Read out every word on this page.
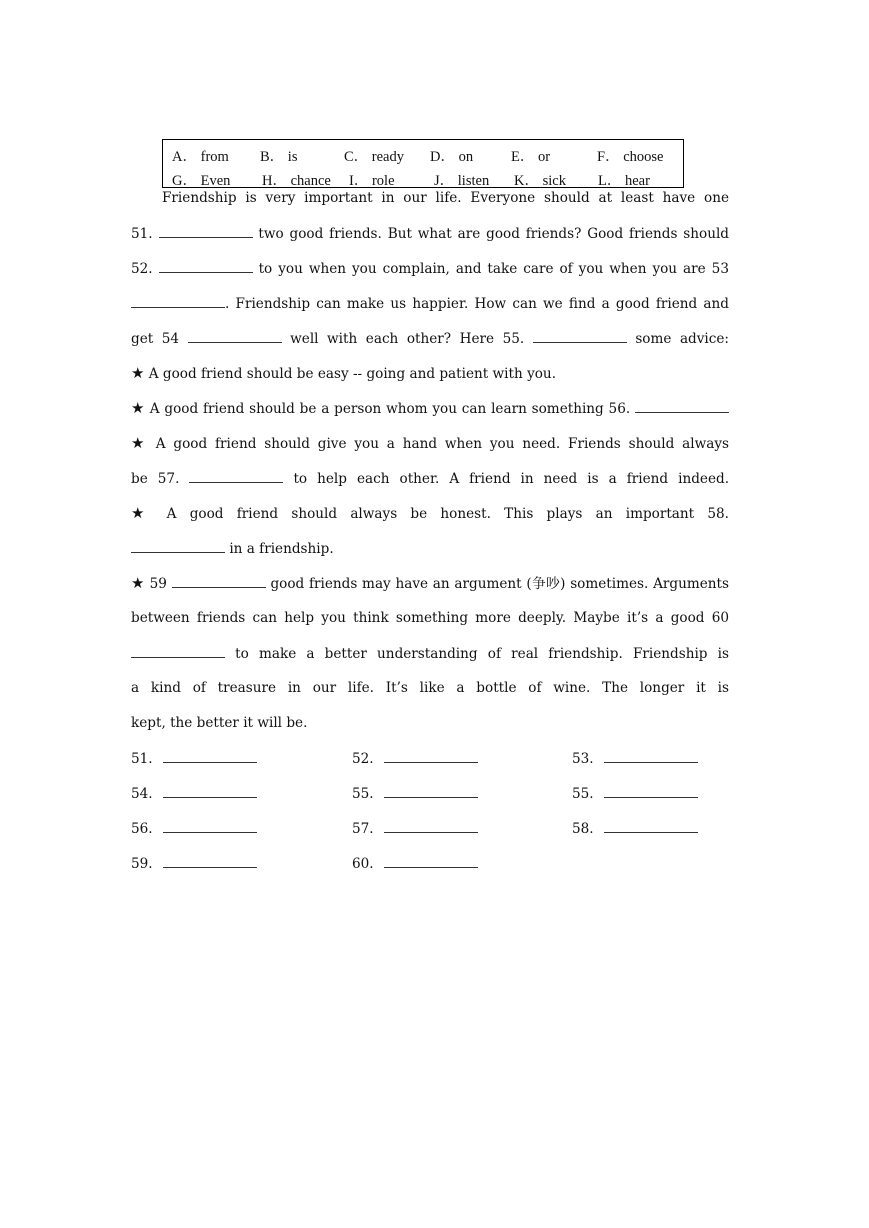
A． from B． is	C． ready D． on	E． or	F． choose
G． Even H． chance I． role	J． listen K． sick L． hear
Friendship is very important in our life. Everyone should at least have one
51.	two good friends. But what are good friends? Good friends should
52.	to you when you complain, and take care of you when you are 53
. Friendship can make us happier. How can we find a good friend and
get 54	well with each other? Here 55.	some advice:
★ A good friend should be easy -- going and patient with you.
★ A good friend should be a person whom you can learn something 56.
★ A good friend should give you a hand when you need. Friends should always
be 57.	to help each other. A friend in need is a friend indeed.
★ A good friend should always be honest. This plays an important 58.
in a friendship.
★ 59	good friends may have an argument (争吵) sometimes. Arguments
between friends can help you think something more deeply. Maybe it’s a good 60
to make a better understanding of real friendship. Friendship is
a kind of treasure in our life. It’s like a bottle of wine. The longer it is
kept, the better it will be.
51.	52.	53.
54.	55.	55.
56.	57.	58.
59.	60.
